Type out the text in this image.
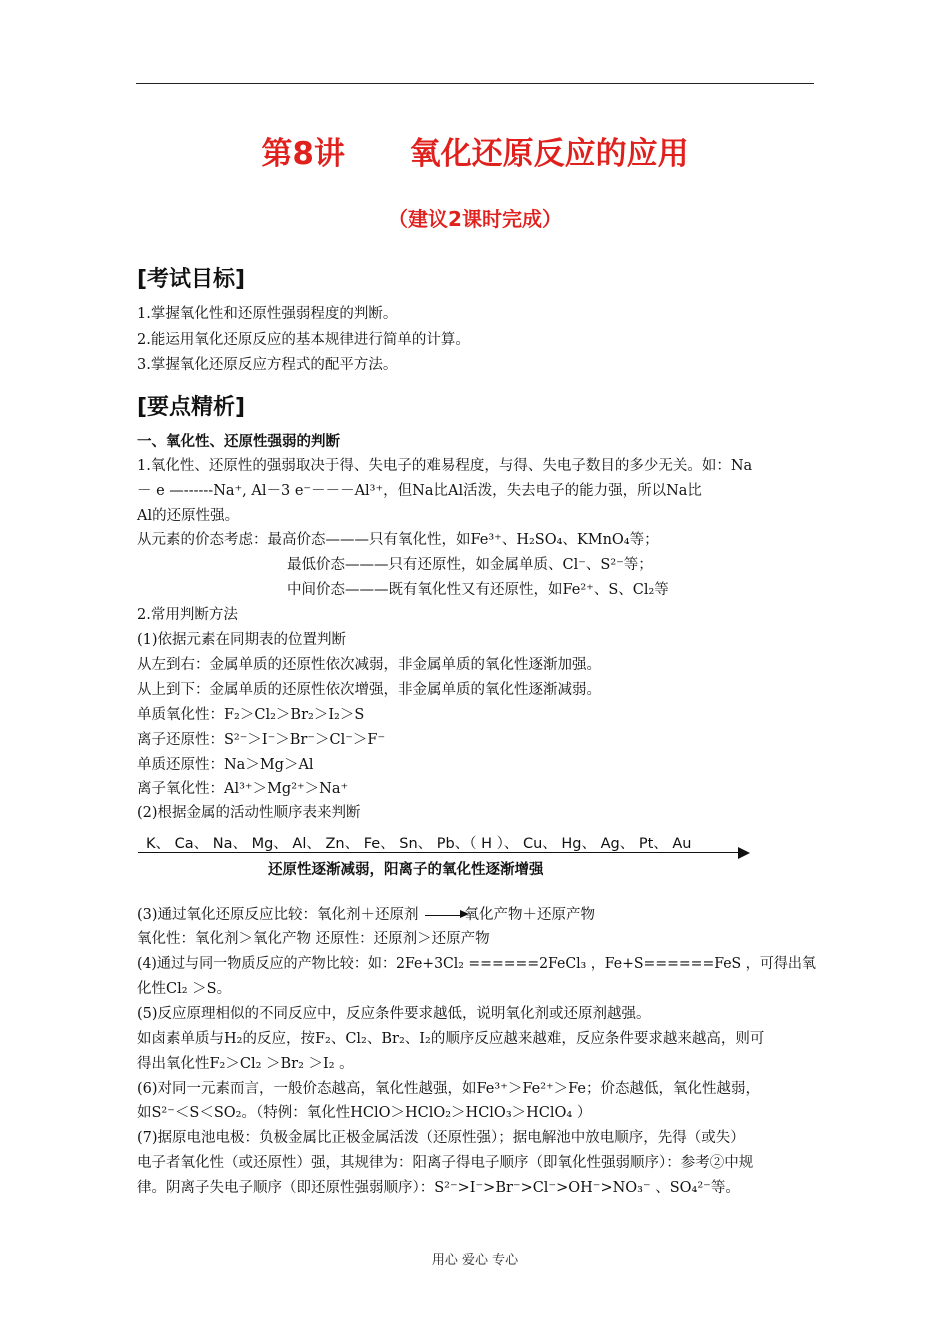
第8讲      氧化还原反应的应用
（建议2课时完成）
[考试目标]
1.掌握氧化性和还原性强弱程度的判断。
2.能运用氧化还原反应的基本规律进行简单的计算。
3.掌握氧化还原反应方程式的配平方法。
[要点精析]
一、氧化性、还原性强弱的判断
1.氧化性、还原性的强弱取决于得、失电子的难易程度，与得、失电子数目的多少无关。如：Na
－ e —------Na⁺, Al－3 e⁻－－－Al³⁺，但Na比Al活泼，失去电子的能力强，所以Na比
Al的还原性强。
从元素的价态考虑：最高价态———只有氧化性，如Fe³⁺、H₂SO₄、KMnO₄等；
最低价态———只有还原性，如金属单质、Cl⁻、S²⁻等；
中间价态———既有氧化性又有还原性，如Fe²⁺、S、Cl₂等
2.常用判断方法
(1)依据元素在同期表的位置判断
从左到右：金属单质的还原性依次减弱，非金属单质的氧化性逐渐加强。
从上到下：金属单质的还原性依次增强，非金属单质的氧化性逐渐减弱。
单质氧化性：F₂＞Cl₂＞Br₂＞I₂＞S
离子还原性：S²⁻＞I⁻＞Br⁻＞Cl⁻＞F⁻
单质还原性：Na＞Mg＞Al
离子氧化性：Al³⁺＞Mg²⁺＞Na⁺
(2)根据金属的活动性顺序表来判断
K、 Ca、 Na、 Mg、 Al、 Zn、 Fe、 Sn、 Pb、（ H ）、 Cu、 Hg、 Ag、 Pt、 Au
还原性逐渐减弱，阳离子的氧化性逐渐增强
(3)通过氧化还原反应比较：氧化剂＋还原剂 → 氧化产物＋还原产物
氧化性：氧化剂＞氧化产物 还原性：还原剂＞还原产物
(4)通过与同一物质反应的产物比较：如：2Fe+3Cl₂ ======2FeCl₃ ，Fe+S======FeS ，可得出氧
化性Cl₂ ＞S。
(5)反应原理相似的不同反应中，反应条件要求越低，说明氧化剂或还原剂越强。
如卤素单质与H₂的反应，按F₂、Cl₂、Br₂、I₂的顺序反应越来越难，反应条件要求越来越高，则可
得出氧化性F₂＞Cl₂ ＞Br₂ ＞I₂ 。
(6)对同一元素而言，一般价态越高，氧化性越强，如Fe³⁺＞Fe²⁺＞Fe；价态越低，氧化性越弱，
如S²⁻＜S＜SO₂。（特例：氧化性HClO＞HClO₂＞HClO₃＞HClO₄ ）
(7)据原电池电极：负极金属比正极金属活泼（还原性强）；据电解池中放电顺序，先得（或失）
电子者氧化性（或还原性）强，其规律为：阳离子得电子顺序（即氧化性强弱顺序）：参考②中规
律。阴离子失电子顺序（即还原性强弱顺序）：S²⁻>I⁻>Br⁻>Cl⁻>OH⁻>NO₃⁻ 、SO₄²⁻等。
用心 爱心 专心
